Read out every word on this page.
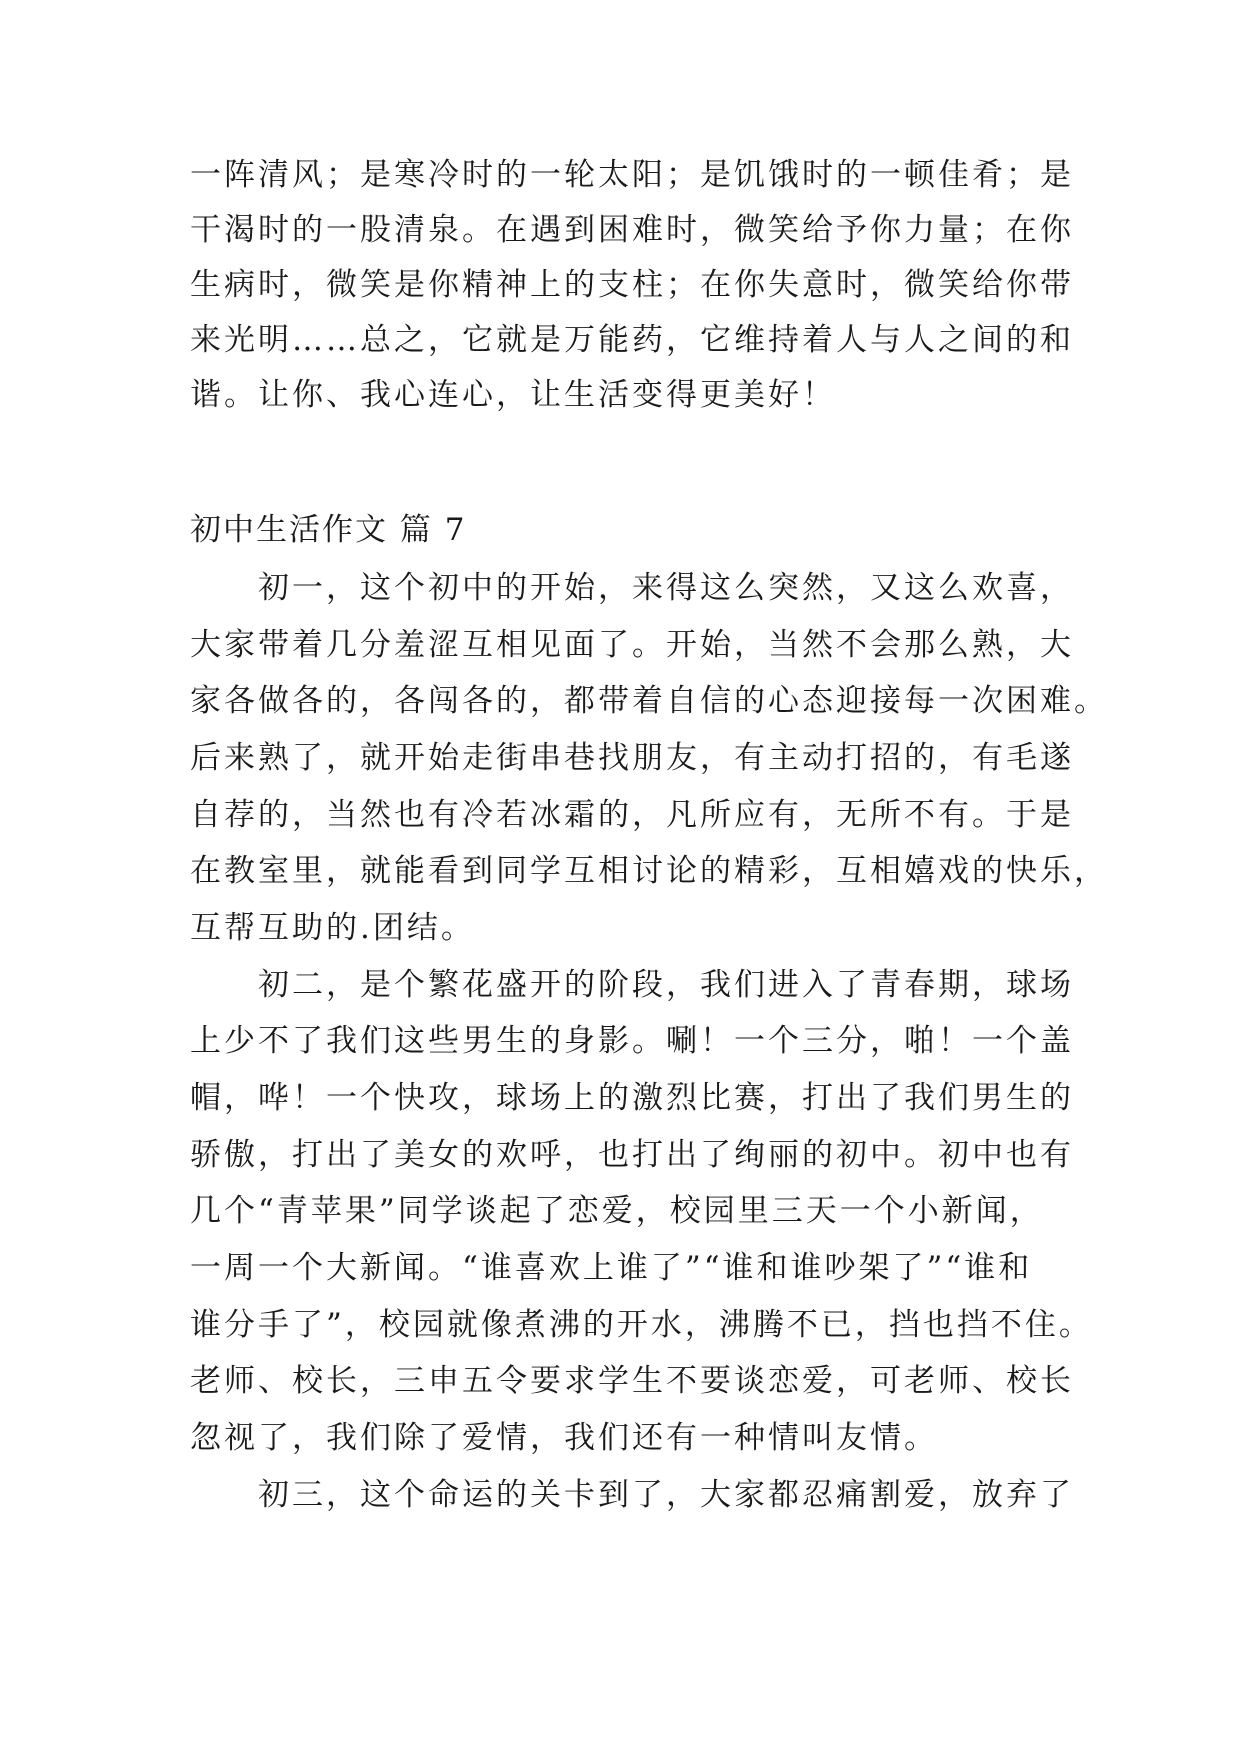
一阵清风；是寒冷时的一轮太阳；是饥饿时的一顿佳肴；是
干渴时的一股清泉。在遇到困难时，微笑给予你力量；在你
生病时，微笑是你精神上的支柱；在你失意时，微笑给你带
来光明……总之，它就是万能药，它维持着人与人之间的和
谐。让你、我心连心，让生活变得更美好！
初中生活作文 篇 7
　　初一，这个初中的开始，来得这么突然，又这么欢喜，
大家带着几分羞涩互相见面了。开始，当然不会那么熟，大
家各做各的，各闯各的，都带着自信的心态迎接每一次困难。
后来熟了，就开始走街串巷找朋友，有主动打招的，有毛遂
自荐的，当然也有冷若冰霜的，凡所应有，无所不有。于是
在教室里，就能看到同学互相讨论的精彩，互相嬉戏的快乐，
互帮互助的.团结。
　　初二，是个繁花盛开的阶段，我们进入了青春期，球场
上少不了我们这些男生的身影。唰！一个三分，啪！一个盖
帽，哗！一个快攻，球场上的激烈比赛，打出了我们男生的
骄傲，打出了美女的欢呼，也打出了绚丽的初中。初中也有
几个“青苹果”同学谈起了恋爱，校园里三天一个小新闻，
一周一个大新闻。“谁喜欢上谁了”“谁和谁吵架了”“谁和
谁分手了”，校园就像煮沸的开水，沸腾不已，挡也挡不住。
老师、校长，三申五令要求学生不要谈恋爱，可老师、校长
忽视了，我们除了爱情，我们还有一种情叫友情。
　　初三，这个命运的关卡到了，大家都忍痛割爱，放弃了
